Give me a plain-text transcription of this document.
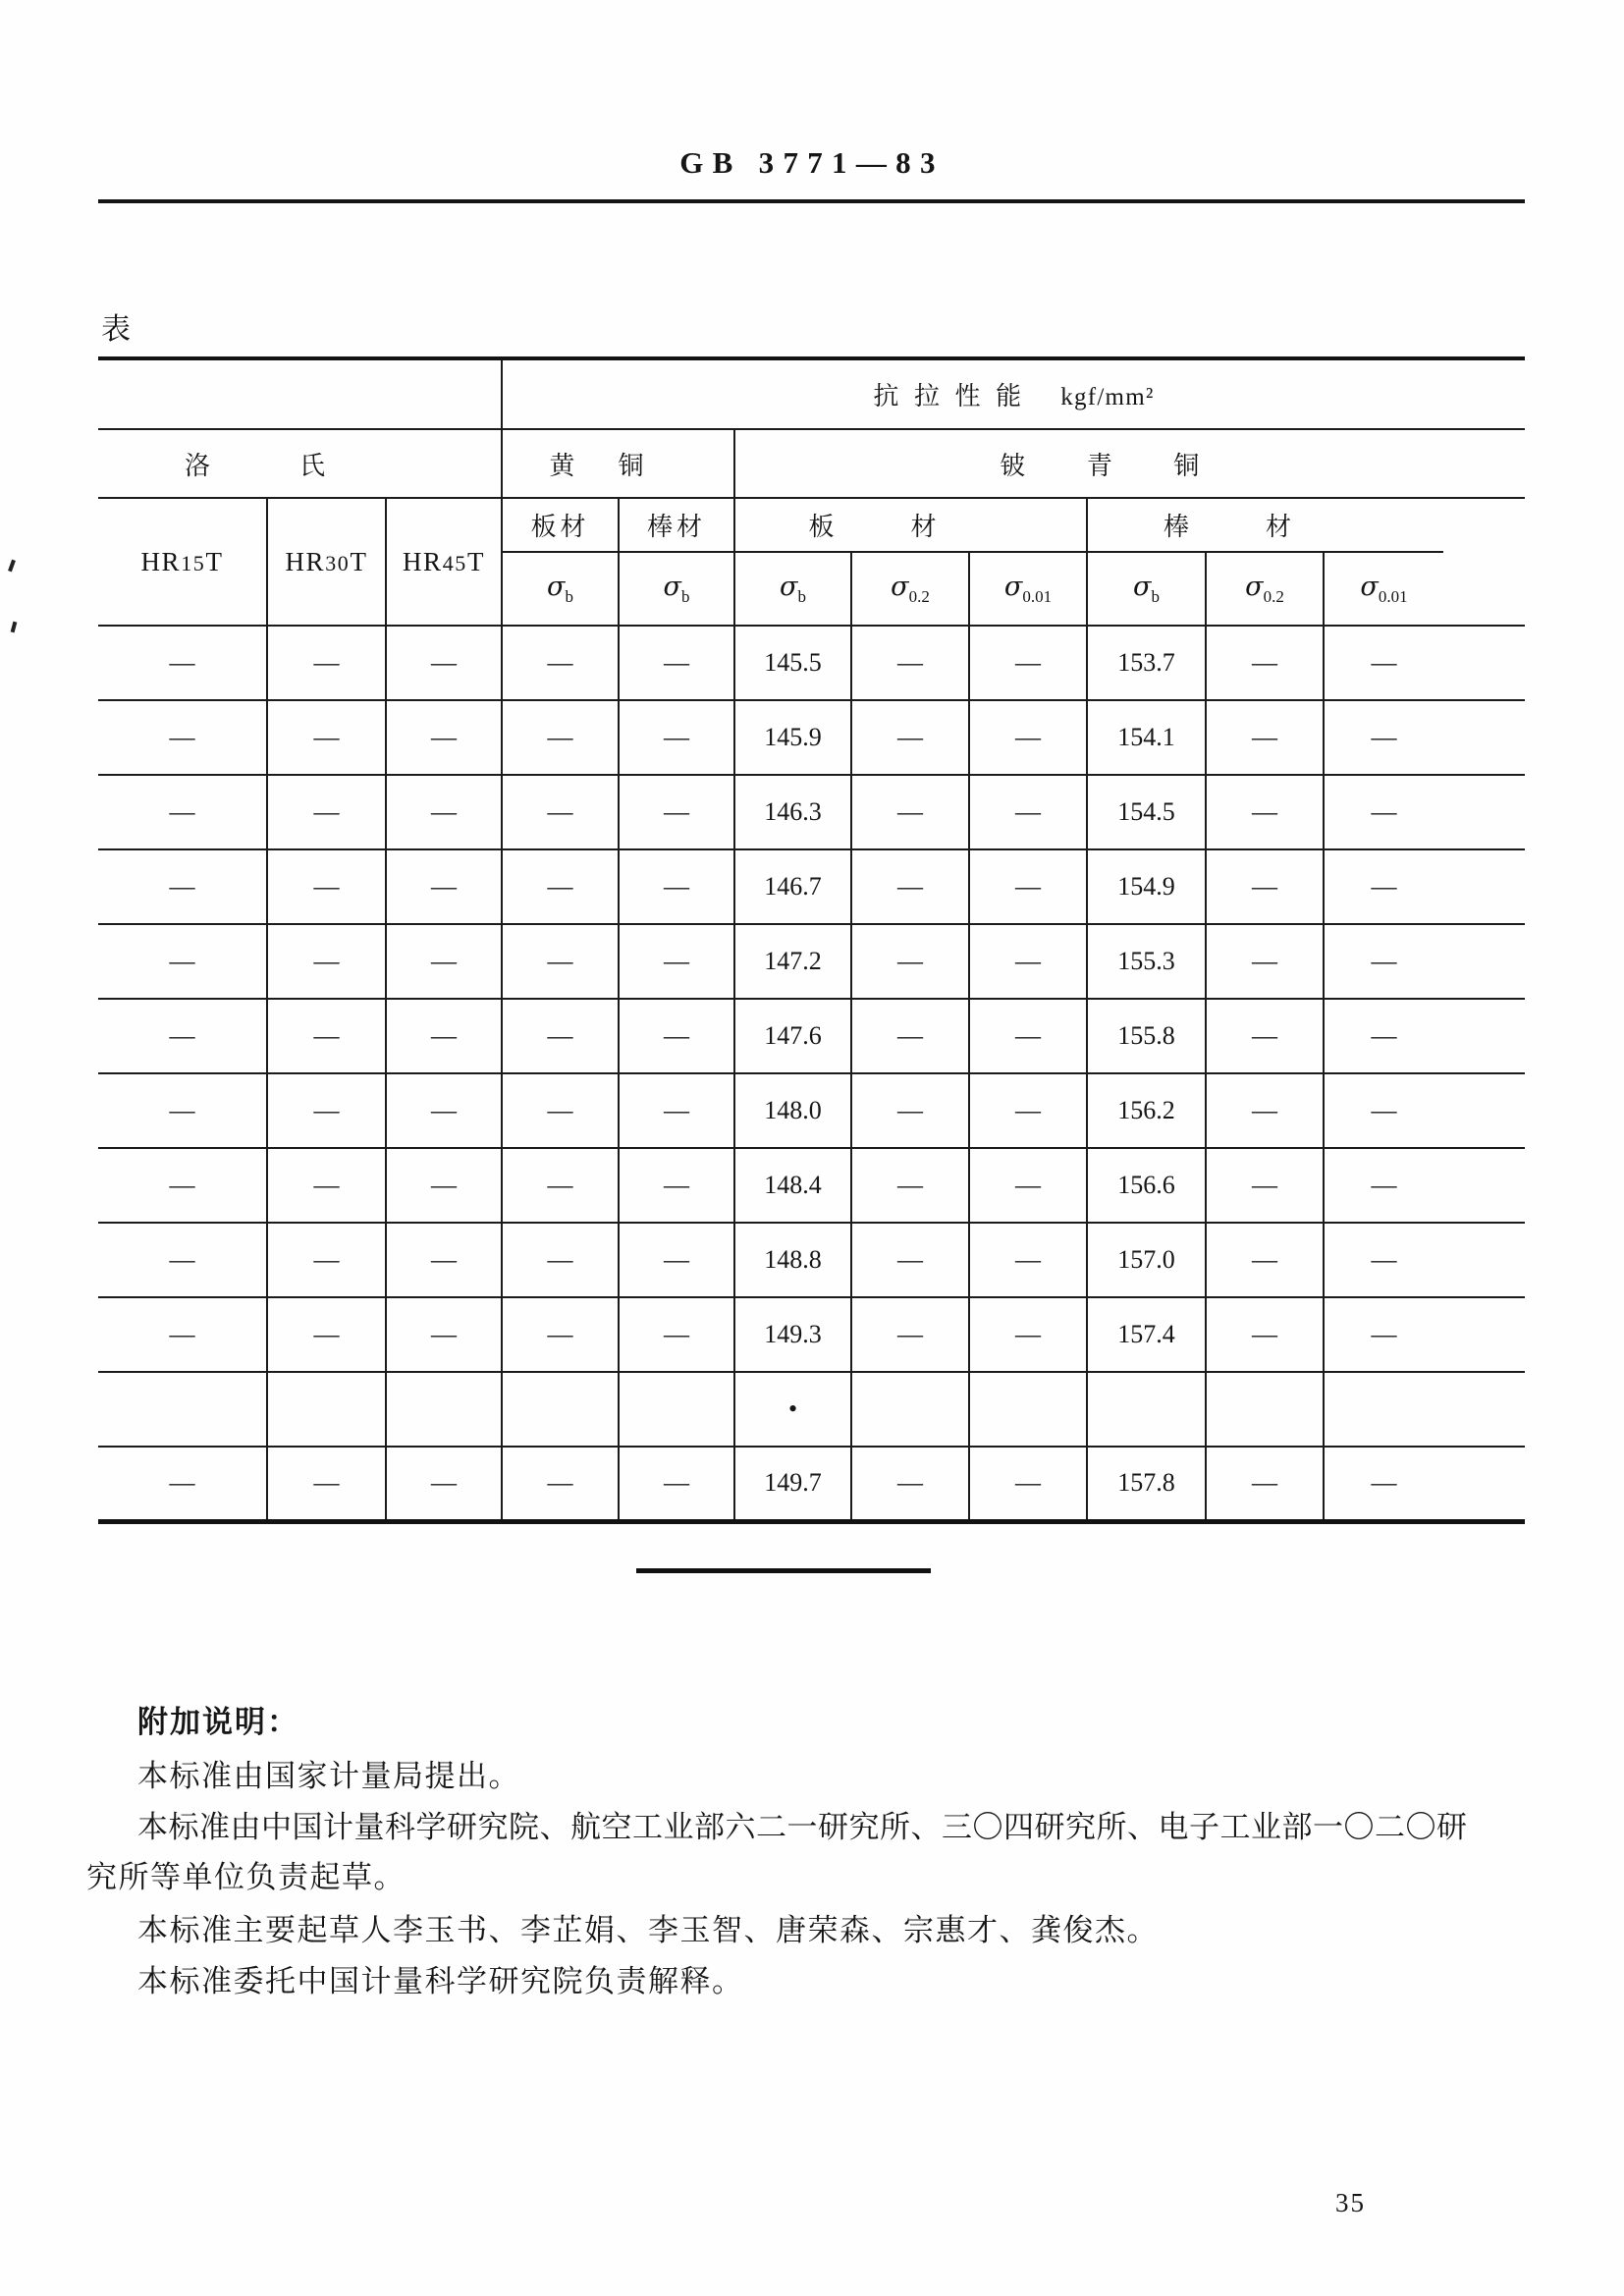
GB 3771—83
表
			抗拉性能 kgf/mm²								
洛氏			黄铜		铍青铜						
HR15T	HR30T	HR45T	板材	棒材	板材			棒材			
			$\sigma_b$	$\sigma_b$	$\sigma_b$	$\sigma_{0.2}$	$\sigma_{0.01}$	$\sigma_b$	$\sigma_{0.2}$	$\sigma_{0.01}$
—	—	—	—	—	145.5	—	—	153.7	—	—	
—	—	—	—	—	145.9	—	—	154.1	—	—	
—	—	—	—	—	146.3	—	—	154.5	—	—	
—	—	—	—	—	146.7	—	—	154.9	—	—	
—	—	—	—	—	147.2	—	—	155.3	—	—	
—	—	—	—	—	147.6	—	—	155.8	—	—	
—	—	—	—	—	148.0	—	—	156.2	—	—	
—	—	—	—	—	148.4	—	—	156.6	—	—	
—	—	—	—	—	148.8	—	—	157.0	—	—	
—	—	—	—	—	149.3	—	—	157.4	—	—	
					•						
—	—	—	—	—	149.7	—	—	157.8	—	—	
附加说明：
本标准由国家计量局提出。
本标准由中国计量科学研究院、航空工业部六二一研究所、三〇四研究所、电子工业部一〇二〇研
究所等单位负责起草。
本标准主要起草人李玉书、李芷娟、李玉智、唐荣森、宗惠才、龚俊杰。
本标准委托中国计量科学研究院负责解释。
35
